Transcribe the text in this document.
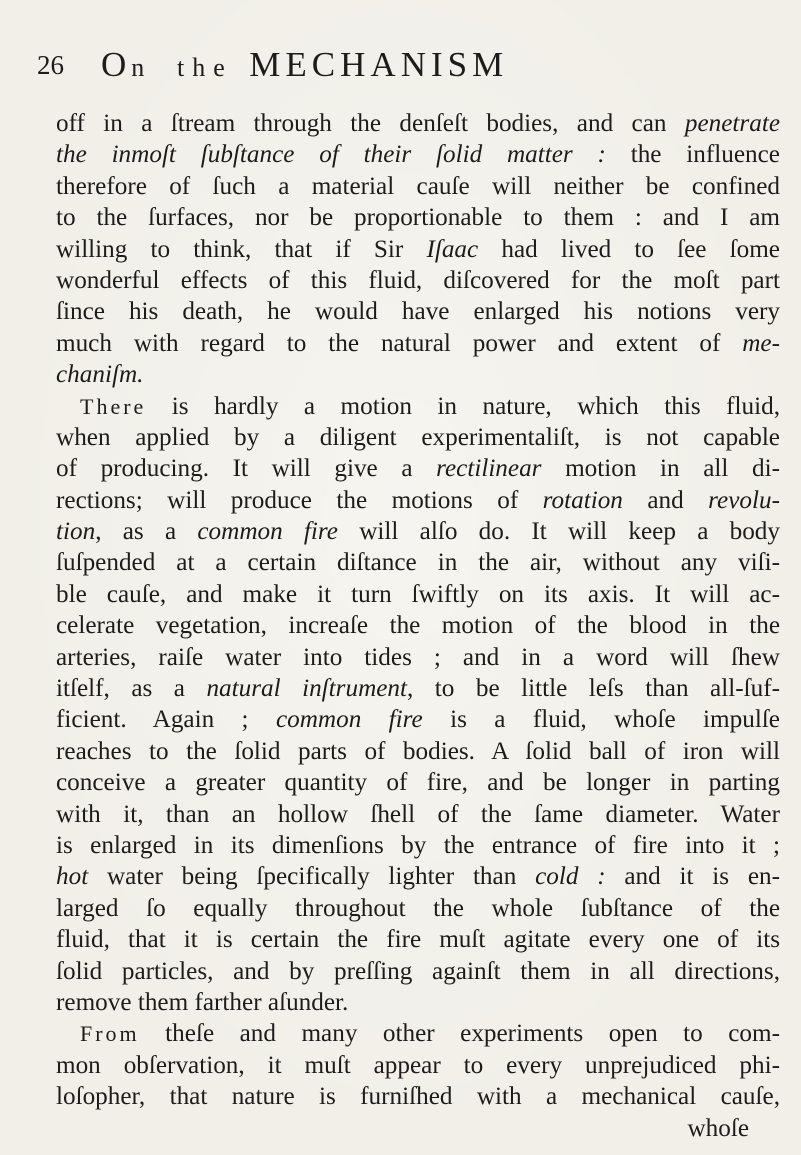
26 On the MECHANISM
off in a ſtream through the denſeſt bodies, and can penetrate
the inmoſt ſubſtance of their ſolid matter : the influence
therefore of ſuch a material cauſe will neither be confined
to the ſurfaces, nor be proportionable to them : and I am
willing to think, that if Sir Iſaac had lived to ſee ſome
wonderful effects of this fluid, diſcovered for the moſt part
ſince his death, he would have enlarged his notions very
much with regard to the natural power and extent of me-
chaniſm.
There is hardly a motion in nature, which this fluid,
when applied by a diligent experimentaliſt, is not capable
of producing. It will give a rectilinear motion in all di-
rections; will produce the motions of rotation and revolu-
tion, as a common fire will alſo do. It will keep a body
ſuſpended at a certain diſtance in the air, without any viſi-
ble cauſe, and make it turn ſwiftly on its axis. It will ac-
celerate vegetation, increaſe the motion of the blood in the
arteries, raiſe water into tides ; and in a word will ſhew
itſelf, as a natural inſtrument, to be little leſs than all-ſuf-
ficient. Again ; common fire is a fluid, whoſe impulſe
reaches to the ſolid parts of bodies. A ſolid ball of iron will
conceive a greater quantity of fire, and be longer in parting
with it, than an hollow ſhell of the ſame diameter. Water
is enlarged in its dimenſions by the entrance of fire into it ;
hot water being ſpecifically lighter than cold : and it is en-
larged ſo equally throughout the whole ſubſtance of the
fluid, that it is certain the fire muſt agitate every one of its
ſolid particles, and by preſſing againſt them in all directions,
remove them farther aſunder.
From theſe and many other experiments open to com-
mon obſervation, it muſt appear to every unprejudiced phi-
loſopher, that nature is furniſhed with a mechanical cauſe,
whoſe
